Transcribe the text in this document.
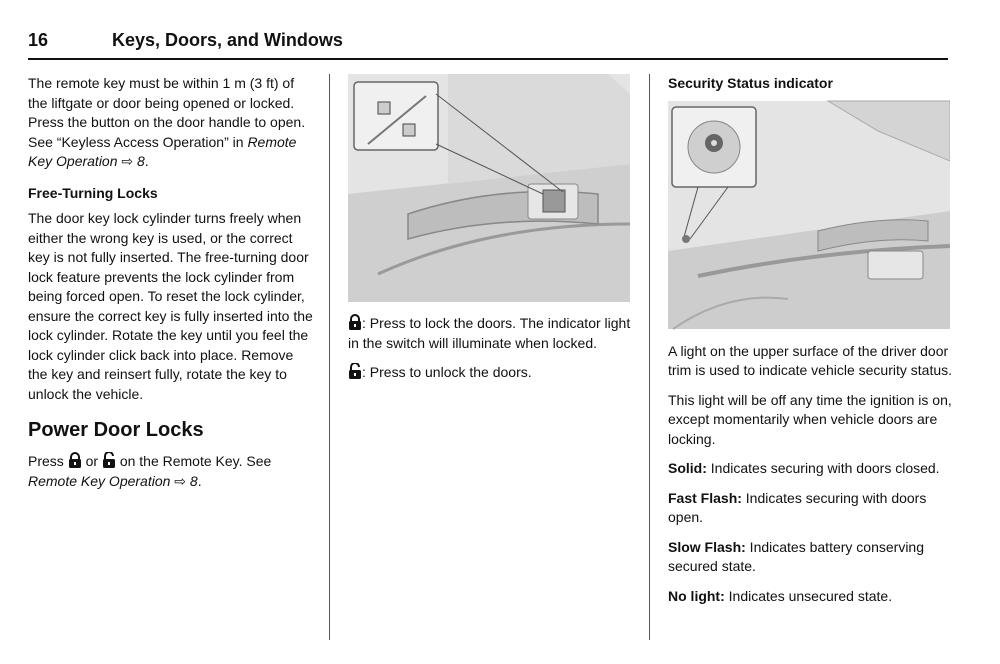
16	Keys, Doors, and Windows

The remote key must be within 1 m (3 ft) of the liftgate or door being opened or locked. Press the button on the door handle to open. See “Keyless Access Operation” in Remote Key Operation ⇨ 8.

Free-Turning Locks

The door key lock cylinder turns freely when either the wrong key is used, or the correct key is not fully inserted. The free-turning door lock feature prevents the lock cylinder from being forced open. To reset the lock cylinder, ensure the correct key is fully inserted into the lock cylinder. Rotate the key until you feel the lock cylinder click back into place. Remove the key and reinsert fully, rotate the key to unlock the vehicle.

Power Door Locks

Press or on the Remote Key. See Remote Key Operation ⇨ 8.

: Press to lock the doors. The indicator light in the switch will illuminate when locked.

: Press to unlock the doors.

Security Status indicator

A light on the upper surface of the driver door trim is used to indicate vehicle security status.

This light will be off any time the ignition is on, except momentarily when vehicle doors are locking.

Solid: Indicates securing with doors closed.

Fast Flash: Indicates securing with doors open.

Slow Flash: Indicates battery conserving secured state.

No light: Indicates unsecured state.
